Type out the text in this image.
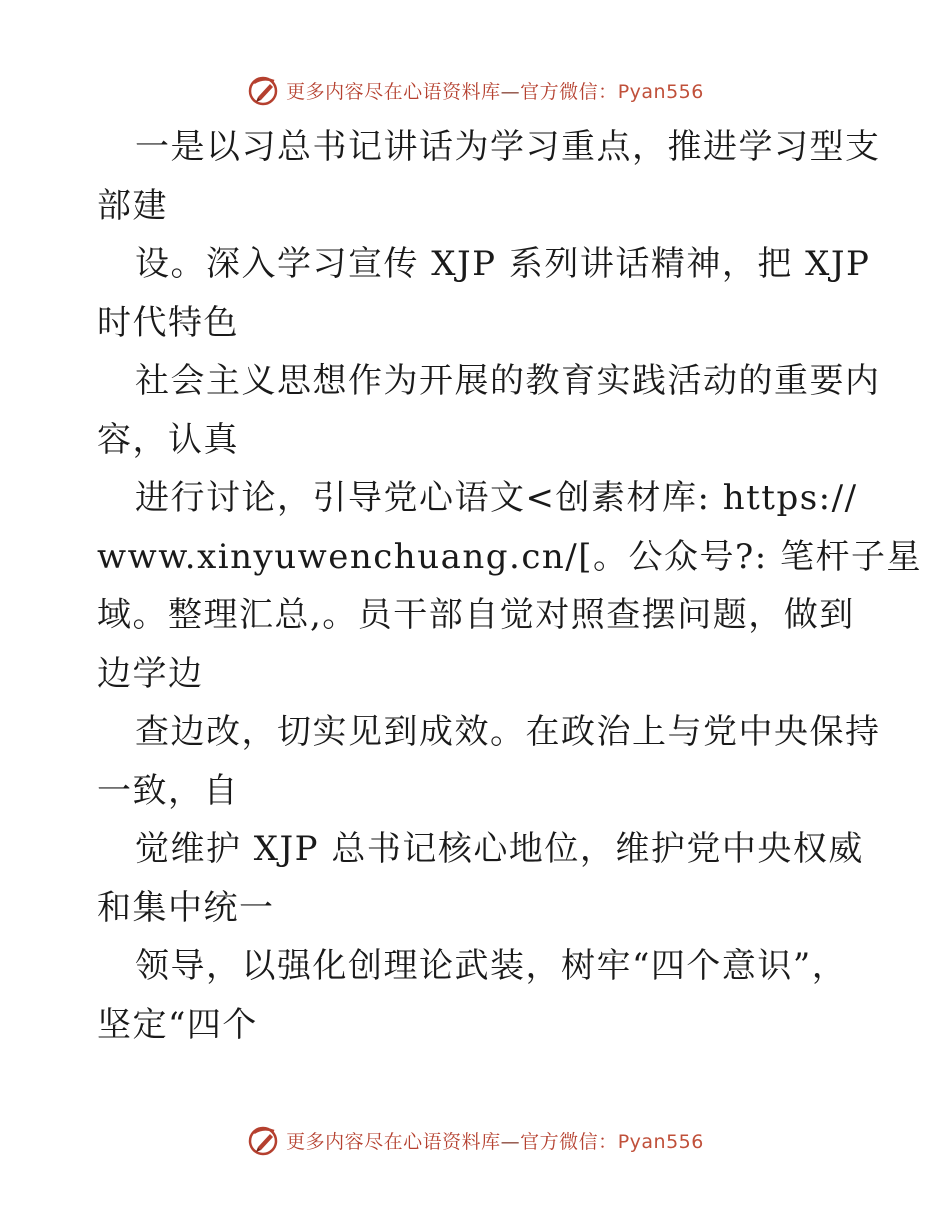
更多内容尽在心语资料库—官方微信：Pyan556
一是以习总书记讲话为学习重点，推进学习型支
部建
设。深入学习宣传 XJP 系列讲话精神，把 XJP
时代特色
社会主义思想作为开展的教育实践活动的重要内
容，认真
进行讨论，引导党心语文<创素材库: https://
www.xinyuwenchuang.cn/[。公众号?: 笔杆子星
域。整理汇总,。员干部自觉对照查摆问题，做到
边学边
查边改，切实见到成效。在政治上与党中央保持
一致，自
觉维护 XJP 总书记核心地位，维护党中央权威
和集中统一
领导，以强化创理论武装，树牢“四个意识”，
坚定“四个
更多内容尽在心语资料库—官方微信：Pyan556
